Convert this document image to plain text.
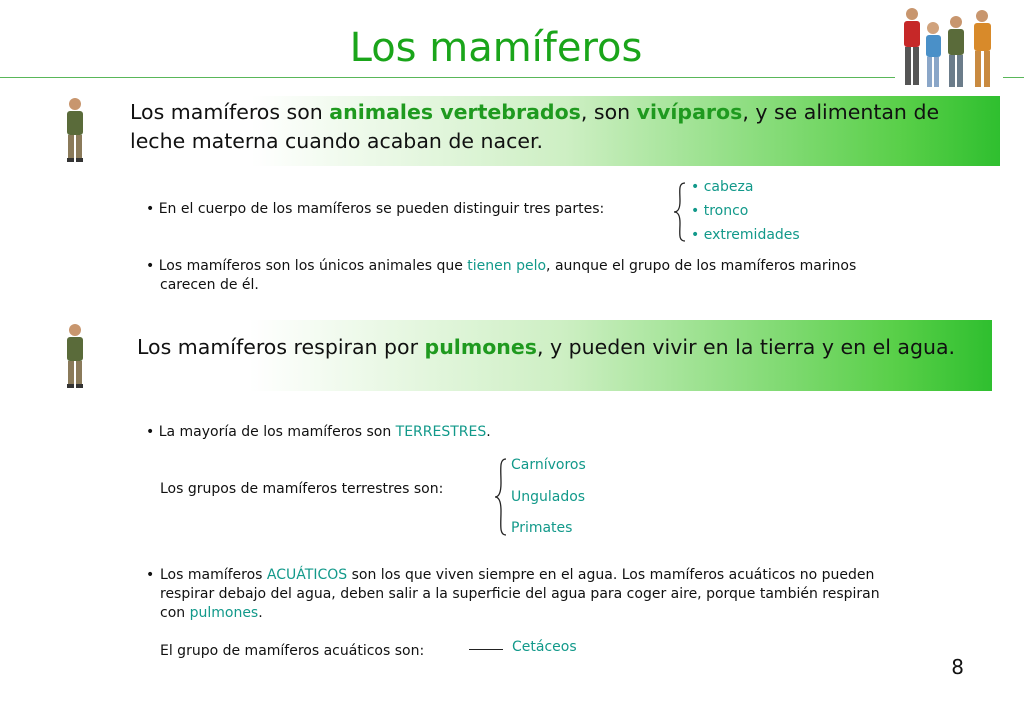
Los mamíferos
Los mamíferos son animales vertebrados, son vivíparos, y se alimentan de leche materna cuando acaban de nacer.
• En el cuerpo de los mamíferos se pueden distinguir tres partes:
• cabeza
• tronco
• extremidades
• Los mamíferos son los únicos animales que tienen pelo, aunque el grupo de los mamíferos marinos
carecen de él.
Los mamíferos respiran por pulmones, y pueden vivir en la tierra y en el agua.
• La mayoría de los mamíferos son TERRESTRES.
Los grupos de mamíferos terrestres son:
Carnívoros
Ungulados
Primates
• Los mamíferos ACUÁTICOS son los que viven siempre en el agua. Los mamíferos acuáticos no pueden
respirar debajo del agua, deben salir a la superficie del agua para coger aire, porque también respiran
con pulmones.
El grupo de mamíferos acuáticos son:	Cetáceos
8
